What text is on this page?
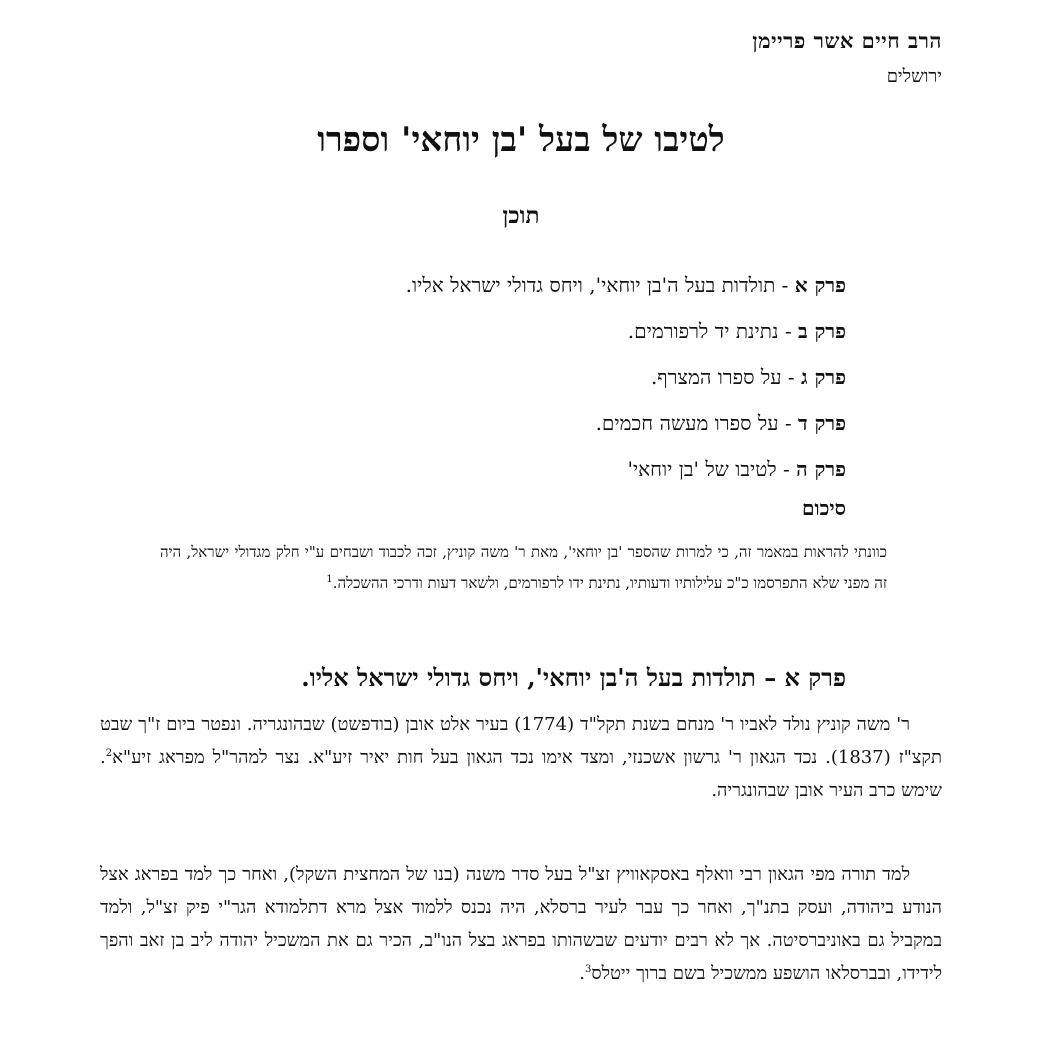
הרב חיים אשר פריימן
ירושלים
לטיבו של בעל 'בן יוחאי' וספרו
תוכן
פרק א - תולדות בעל ה'בן יוחאי', ויחס גדולי ישראל אליו.
פרק ב - נתינת יד לרפורמים.
פרק ג - על ספרו המצרף.
פרק ד - על ספרו מעשה חכמים.
פרק ה - לטיבו של 'בן יוחאי'
סיכום
כוונתי להראות במאמר זה, כי למרות שהספר 'בן יוחאי', מאת ר' משה קוניץ, זכה לכבוד ושבחים ע"י חלק מגדולי ישראל, היה זה מפני שלא התפרסמו כ"כ עלילותיו ודעותיו, נתינת ידו לרפורמים, ולשאר דעות ודרכי ההשכלה.$^1$
פרק א – תולדות בעל ה'בן יוחאי', ויחס גדולי ישראל אליו.

ר' משה קוניץ נולד לאביו ר' מנחם בשנת תקל"ד (1774) בעיר אלט אובן (בודפשט) שבהונגריה. ונפטר ביום ז"ך שבט תקצ"ז (1837). נכד הגאון ר' גרשון אשכנזי, ומצד אימו נכד הגאון בעל חות יאיר זיע"א. נצר למהר"ל מפראג זיע"א$^2$. שימש כרב העיר אובן שבהונגריה.

למד תורה מפי הגאון רבי וואלף באסקאוויץ זצ"ל בעל סדר משנה (בנו של המחצית השקל), ואחר כך למד בפראג אצל הנודע ביהודה, ועסק בתנ"ך, ואחר כך עבר לעיר ברסלא, היה נכנס ללמוד אצל מרא דתלמודא הגר"י פיק זצ"ל, ולמד במקביל גם באוניברסיטה. אך לא רבים יודעים שבשהותו בפראג בצל הנו"ב, הכיר גם את המשכיל יהודה ליב בן זאב והפך לידידו, ובברסלאו הושפע ממשכיל בשם ברוך ייטלס$^3$.
